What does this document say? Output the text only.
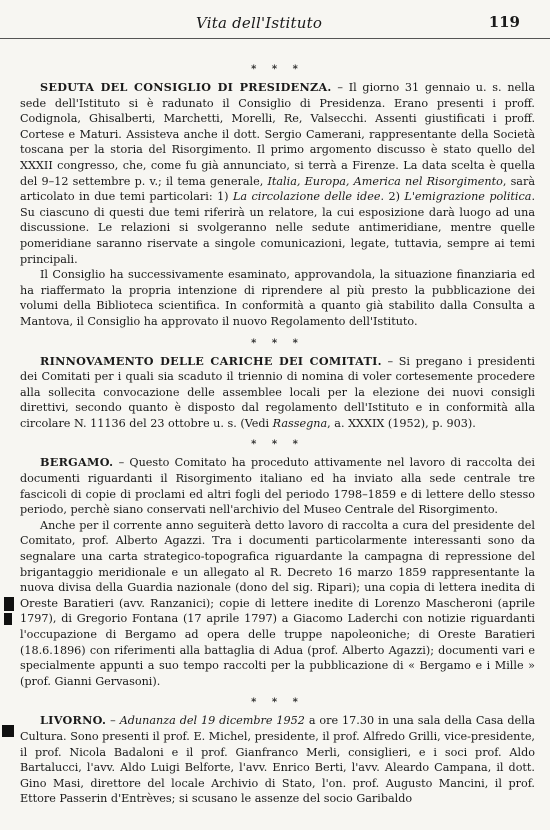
Vita dell'Istituto	119
* * *

SEDUTA DEL CONSIGLIO DI PRESIDENZA. – Il giorno 31 gennaio u. s. nella sede dell'Istituto si è radunato il Consiglio di Presidenza. Erano presenti i proff. Codignola, Ghisalberti, Marchetti, Morelli, Re, Valsecchi. Assenti giustificati i proff. Cortese e Maturi. Assisteva anche il dott. Sergio Camerani, rappresentante della Società toscana per la storia del Risorgimento. Il primo argomento discusso è stato quello del XXXII congresso, che, come fu già annunciato, si terrà a Firenze. La data scelta è quella del 9–12 settembre p. v.; il tema generale, Italia, Europa, America nel Risorgimento, sarà articolato in due temi particolari: 1) La circolazione delle idee. 2) L'emigrazione politica. Su ciascuno di questi due temi riferirà un relatore, la cui esposizione darà luogo ad una discussione. Le relazioni si svolgeranno nelle sedute antimeridiane, mentre quelle pomeridiane saranno riservate a singole comunicazioni, legate, tuttavia, sempre ai temi principali.

Il Consiglio ha successivamente esaminato, approvandola, la situazione finanziaria ed ha riaffermato la propria intenzione di riprendere al più presto la pubblicazione dei volumi della Biblioteca scientifica. In conformità a quanto già stabilito dalla Consulta a Mantova, il Consiglio ha approvato il nuovo Regolamento dell'Istituto.

* * *

RINNOVAMENTO DELLE CARICHE DEI COMITATI. – Si pregano i presidenti dei Comitati per i quali sia scaduto il triennio di nomina di voler cortesemente procedere alla sollecita convocazione delle assemblee locali per la elezione dei nuovi consigli direttivi, secondo quanto è disposto dal regolamento dell'Istituto e in conformità alla circolare N. 11136 del 23 ottobre u. s. (Vedi Rassegna, a. XXXIX (1952), p. 903).

* * *

BERGAMO. – Questo Comitato ha proceduto attivamente nel lavoro di raccolta dei documenti riguardanti il Risorgimento italiano ed ha inviato alla sede centrale tre fascicoli di copie di proclami ed altri fogli del periodo 1798–1859 e di lettere dello stesso periodo, perchè siano conservati nell'archivio del Museo Centrale del Risorgimento.

Anche per il corrente anno seguiterà detto lavoro di raccolta a cura del presidente del Comitato, prof. Alberto Agazzi. Tra i documenti particolarmente interessanti sono da segnalare una carta strategico-topografica riguardante la campagna di repressione del brigantaggio meridionale e un allegato al R. Decreto 16 marzo 1859 rappresentante la nuova divisa della Guardia nazionale (dono del sig. Ripari); una copia di lettera inedita di Oreste Baratieri (avv. Ranzanici); copie di lettere inedite di Lorenzo Mascheroni (aprile 1797), di Gregorio Fontana (17 aprile 1797) a Giacomo Laderchi con notizie riguardanti l'occupazione di Bergamo ad opera delle truppe napoleoniche; di Oreste Baratieri (18.6.1896) con riferimenti alla battaglia di Adua (prof. Alberto Agazzi); documenti vari e specialmente appunti a suo tempo raccolti per la pubblicazione di « Bergamo e i Mille » (prof. Gianni Gervasoni).

* * *

LIVORNO. – Adunanza del 19 dicembre 1952 a ore 17.30 in una sala della Casa della Cultura. Sono presenti il prof. E. Michel, presidente, il prof. Alfredo Grilli, vice-presidente, il prof. Nicola Badaloni e il prof. Gianfranco Merli, consiglieri, e i soci prof. Aldo Bartalucci, l'avv. Aldo Luigi Belforte, l'avv. Enrico Berti, l'avv. Aleardo Campana, il dott. Gino Masi, direttore del locale Archivio di Stato, l'on. prof. Augusto Mancini, il prof. Ettore Passerin d'Entrèves; si scusano le assenze del socio Garibaldo
